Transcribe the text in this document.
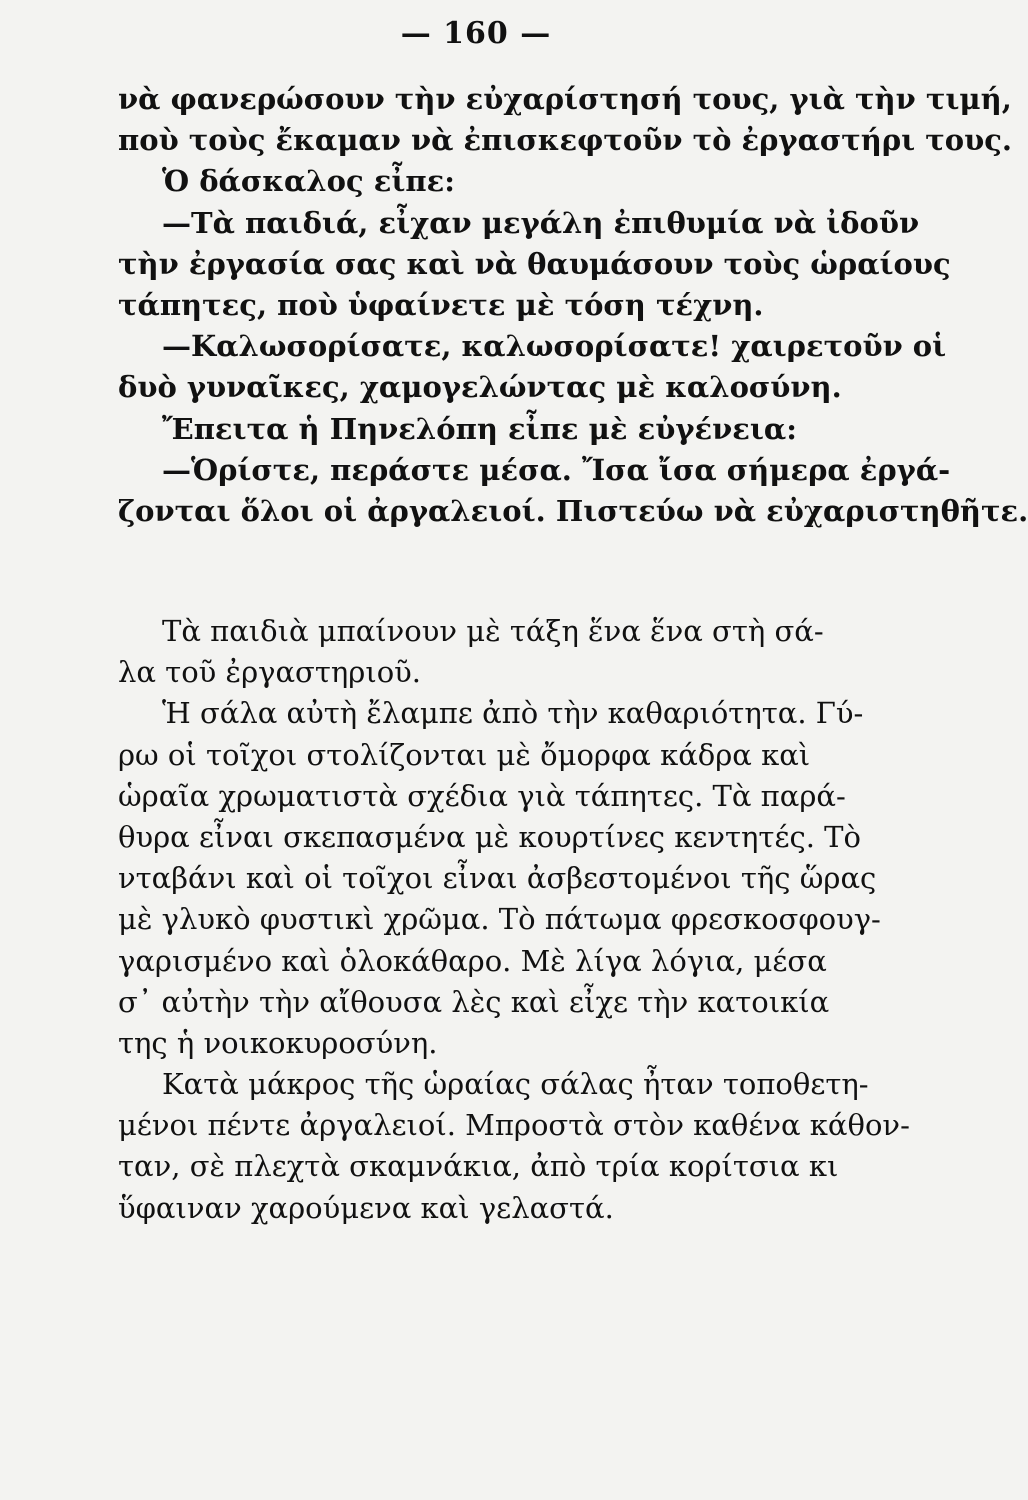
— 160 —
νὰ φανερώσουν τὴν εὐχαρίστησή τους, γιὰ τὴν τιμή,
ποὺ τοὺς ἔκαμαν νὰ ἐπισκεφτοῦν τὸ ἐργαστήρι τους.
Ὁ δάσκαλος εἶπε:
—Τὰ παιδιά, εἶχαν μεγάλη ἐπιθυμία νὰ ἰδοῦν
τὴν ἐργασία σας καὶ νὰ θαυμάσουν τοὺς ὡραίους
τάπητες, ποὺ ὑφαίνετε μὲ τόση τέχνη.
—Καλωσορίσατε, καλωσορίσατε! χαιρετοῦν οἱ
δυὸ γυναῖκες, χαμογελώντας μὲ καλοσύνη.
Ἔπειτα ἡ Πηνελόπη εἶπε μὲ εὐγένεια:
—Ὁρίστε, περάστε μέσα. Ἴσα ἴσα σήμερα ἐργά-
ζονται ὅλοι οἱ ἀργαλειοί. Πιστεύω νὰ εὐχαριστηθῆτε.
Τὰ παιδιὰ μπαίνουν μὲ τάξη ἕνα ἕνα στὴ σά-
λα τοῦ ἐργαστηριοῦ.
Ἡ σάλα αὐτὴ ἔλαμπε ἀπὸ τὴν καθαριότητα. Γύ-
ρω οἱ τοῖχοι στολίζονται μὲ ὄμορφα κάδρα καὶ
ὡραῖα χρωματιστὰ σχέδια γιὰ τάπητες. Τὰ παρά-
θυρα εἶναι σκεπασμένα μὲ κουρτίνες κεντητές. Τὸ
νταβάνι καὶ οἱ τοῖχοι εἶναι ἀσβεστομένοι τῆς ὥρας
μὲ γλυκὸ φυστικὶ χρῶμα. Τὸ πάτωμα φρεσκοσφουγ-
γαρισμένο καὶ ὁλοκάθαρο. Μὲ λίγα λόγια, μέσα
σ᾽ αὐτὴν τὴν αἴθουσα λὲς καὶ εἶχε τὴν κατοικία
της ἡ νοικοκυροσύνη.
Κατὰ μάκρος τῆς ὡραίας σάλας ἦταν τοποθετη-
μένοι πέντε ἀργαλειοί. Μπροστὰ στὸν καθένα κάθον-
ταν, σὲ πλεχτὰ σκαμνάκια, ἀπὸ τρία κορίτσια κι
ὕφαιναν χαρούμενα καὶ γελαστά.
